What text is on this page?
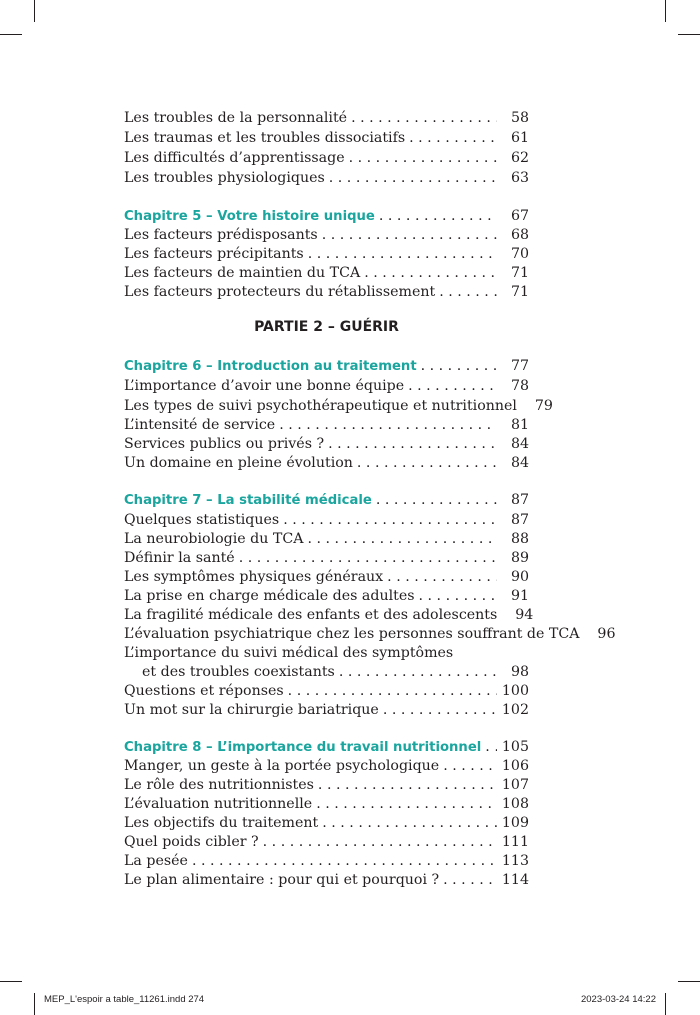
Les troubles de la personnalité . . .	58
Les traumas et les troubles dissociatifs . . .	61
Les difficultés d’apprentissage . . .	62
Les troubles physiologiques . . .	63
Chapitre 5 – Votre histoire unique . . .	67
Les facteurs prédisposants . . .	68
Les facteurs précipitants . . .	70
Les facteurs de maintien du TCA . . .	71
Les facteurs protecteurs du rétablissement . . .	71
PARTIE 2 – GUÉRIR
Chapitre 6 – Introduction au traitement . . .	77
L’importance d’avoir une bonne équipe . . .	78
Les types de suivi psychothérapeutique et nutritionnel	79
L’intensité de service . . .	81
Services publics ou privés ? . . .	84
Un domaine en pleine évolution . . .	84
Chapitre 7 – La stabilité médicale . . .	87
Quelques statistiques . . .	87
La neurobiologie du TCA . . .	88
Définir la santé . . .	89
Les symptômes physiques généraux . . .	90
La prise en charge médicale des adultes . . .	91
La fragilité médicale des enfants et des adolescents	94
L’évaluation psychiatrique chez les personnes souffrant de TCA	96
L’importance du suivi médical des symptômes
et des troubles coexistants . . .	98
Questions et réponses . . .	100
Un mot sur la chirurgie bariatrique . . .	102
Chapitre 8 – L’importance du travail nutritionnel . . . 105
Manger, un geste à la portée psychologique . . .	106
Le rôle des nutritionnistes . . .	107
L’évaluation nutritionnelle . . .	108
Les objectifs du traitement . . .	109
Quel poids cibler ? . . .	111
La pesée . . .	113
Le plan alimentaire : pour qui et pourquoi ? . . .	114
MEP_L'espoir a table_11261.indd 274	2023-03-24 14:22
